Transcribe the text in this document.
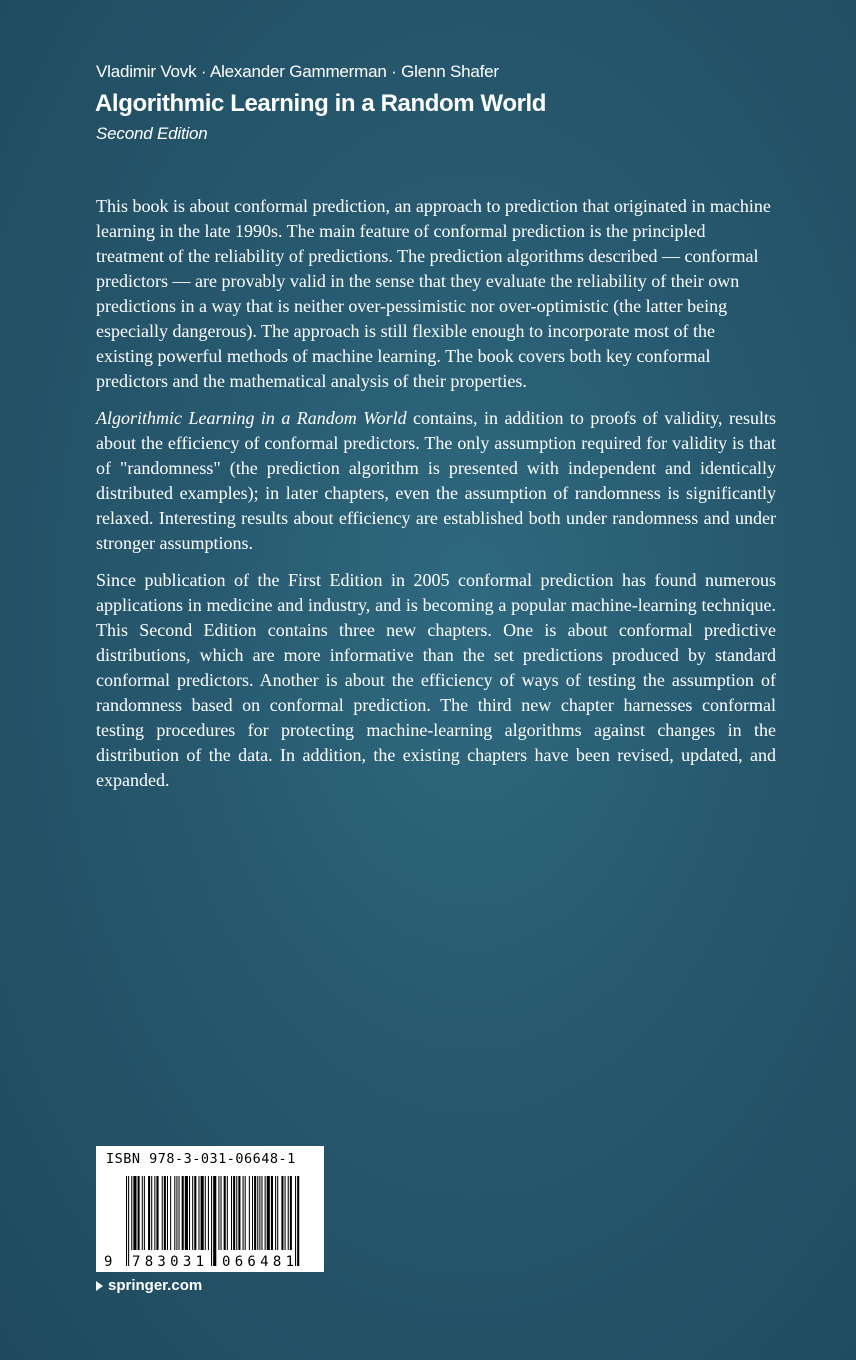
Vladimir Vovk · Alexander Gammerman · Glenn Shafer
Algorithmic Learning in a Random World
Second Edition

This book is about conformal prediction, an approach to prediction that originated in machine learning in the late 1990s. The main feature of conformal prediction is the principled treatment of the reliability of predictions. The prediction algorithms described — conformal predictors — are provably valid in the sense that they evaluate the reliability of their own predictions in a way that is neither over-pessimistic nor over-optimistic (the latter being especially dangerous). The approach is still flexible enough to incorporate most of the existing powerful methods of machine learning. The book covers both key conformal predictors and the mathematical analysis of their properties.

Algorithmic Learning in a Random World contains, in addition to proofs of validity, results about the efficiency of conformal predictors. The only assumption required for validity is that of "randomness" (the prediction algorithm is presented with independent and identically distributed examples); in later chapters, even the assumption of randomness is significantly relaxed. Interesting results about efficiency are established both under randomness and under stronger assumptions.

Since publication of the First Edition in 2005 conformal prediction has found numerous applications in medicine and industry, and is becoming a popular machine-learning technique. This Second Edition contains three new chapters. One is about conformal predictive distributions, which are more informative than the set predictions produced by standard conformal predictors. Another is about the efficiency of ways of testing the assumption of randomness based on conformal prediction. The third new chapter harnesses conformal testing procedures for protecting machine-learning algorithms against changes in the distribution of the data. In addition, the existing chapters have been revised, updated, and expanded.

ISBN 978-3-031-06648-1
9 783031 066481
springer.com
